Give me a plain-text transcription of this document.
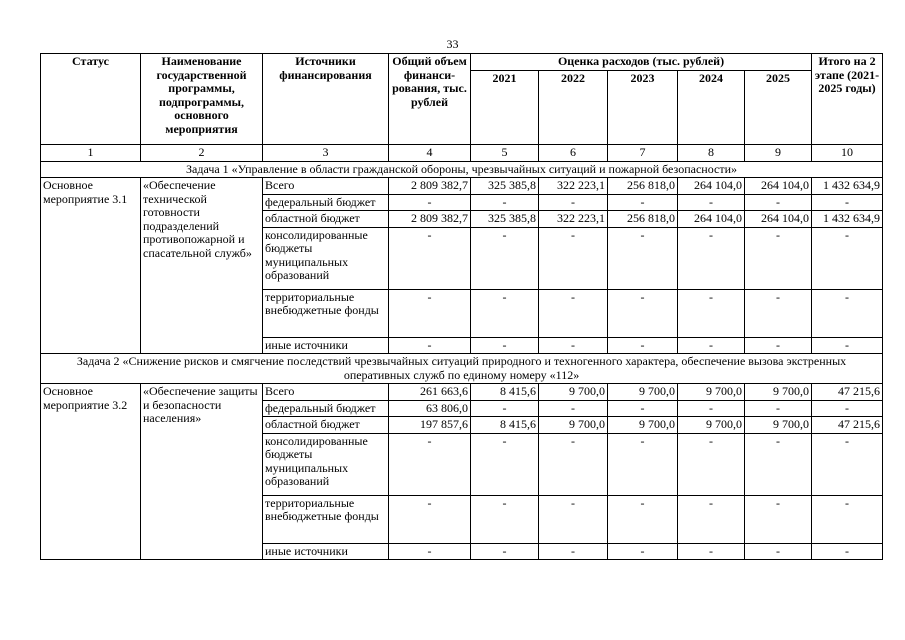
33
Статус	Наименование государственной программы, подпрограммы, основного мероприятия	Источники финансирования	Общий объем финанси-рования, тыс. рублей	Оценка расходов (тыс. рублей)					Итого на 2 этапе (2021-2025 годы)
				2021	2022	2023	2024	2025	
1	2	3	4	5	6	7	8	9	10
Задача 1 «Управление в области гражданской обороны, чрезвычайных ситуаций и пожарной безопасности»									
Основное мероприятие 3.1	«Обеспечение технической готовности подразделений противопожарной и спасательной служб»	Всего	2 809 382,7	325 385,8	322 223,1	256 818,0	264 104,0	264 104,0	1 432 634,9
		федеральный бюджет	-	-	-	-	-	-	-
		областной бюджет	2 809 382,7	325 385,8	322 223,1	256 818,0	264 104,0	264 104,0	1 432 634,9
		консолидированные бюджеты муниципальных образований	-	-	-	-	-	-	-
		территориальные внебюджетные фонды	-	-	-	-	-	-	-
		иные источники	-	-	-	-	-	-	-
Задача 2 «Снижение рисков и смягчение последствий чрезвычайных ситуаций природного и техногенного характера, обеспечение вызова экстренных оперативных служб по единому номеру «112»									
Основное мероприятие 3.2	«Обеспечение защиты и безопасности населения»	Всего	261 663,6	8 415,6	9 700,0	9 700,0	9 700,0	9 700,0	47 215,6
		федеральный бюджет	63 806,0	-	-	-	-	-	-
		областной бюджет	197 857,6	8 415,6	9 700,0	9 700,0	9 700,0	9 700,0	47 215,6
		консолидированные бюджеты муниципальных образований	-	-	-	-	-	-	-
		территориальные внебюджетные фонды	-	-	-	-	-	-	-
		иные источники	-	-	-	-	-	-	-
